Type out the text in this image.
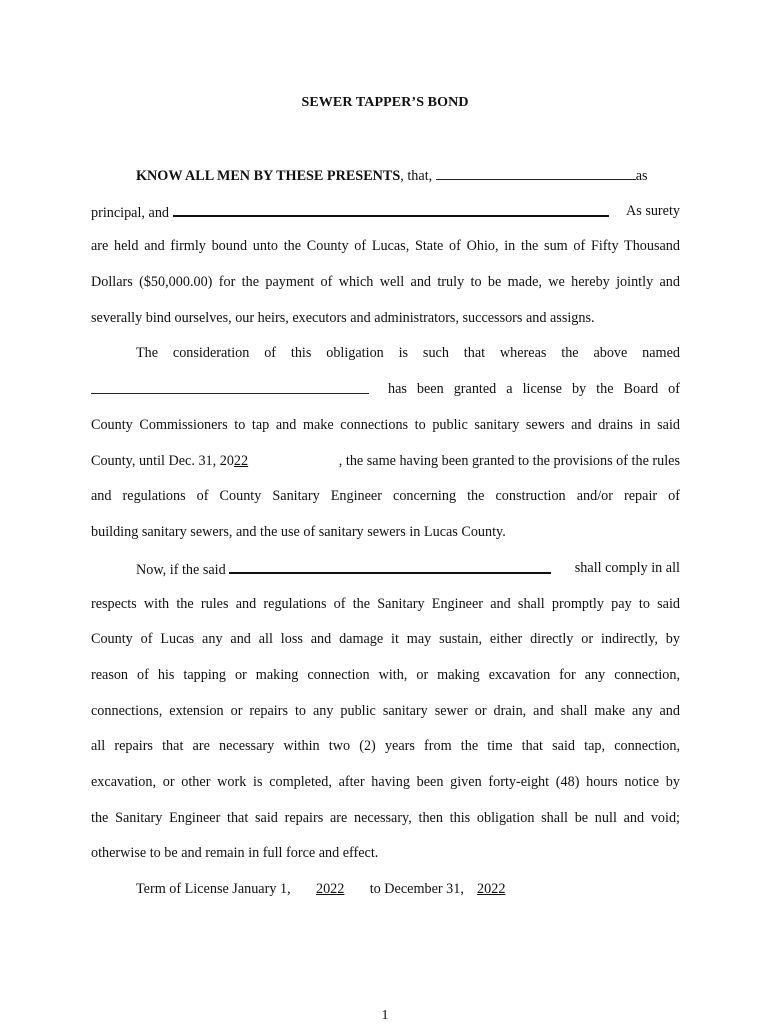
SEWER TAPPER’S BOND
KNOW ALL MEN BY THESE PRESENTS, that,	as
principal, and	As surety
are held and firmly bound unto the County of Lucas, State of Ohio, in the sum of Fifty Thousand
Dollars ($50,000.00) for the payment of which well and truly to be made, we hereby jointly and
severally bind ourselves, our heirs, executors and administrators, successors and assigns.
The consideration of this obligation is such that whereas the above named
has been granted a license by the Board of
County Commissioners to tap and make connections to public sanitary sewers and drains in said
County, until Dec. 31, 2022	, the same having been granted to the provisions of the rules
and regulations of County Sanitary Engineer concerning the construction and/or repair of
building sanitary sewers, and the use of sanitary sewers in Lucas County.
Now, if the said	shall comply in all
respects with the rules and regulations of the Sanitary Engineer and shall promptly pay to said
County of Lucas any and all loss and damage it may sustain, either directly or indirectly, by
reason of his tapping or making connection with, or making excavation for any connection,
connections, extension or repairs to any public sanitary sewer or drain, and shall make any and
all repairs that are necessary within two (2) years from the time that said tap, connection,
excavation, or other work is completed, after having been given forty-eight (48) hours notice by
the Sanitary Engineer that said repairs are necessary, then this obligation shall be null and void;
otherwise to be and remain in full force and effect.
Term of License January 1, 2022 to December 31, 2022
1
